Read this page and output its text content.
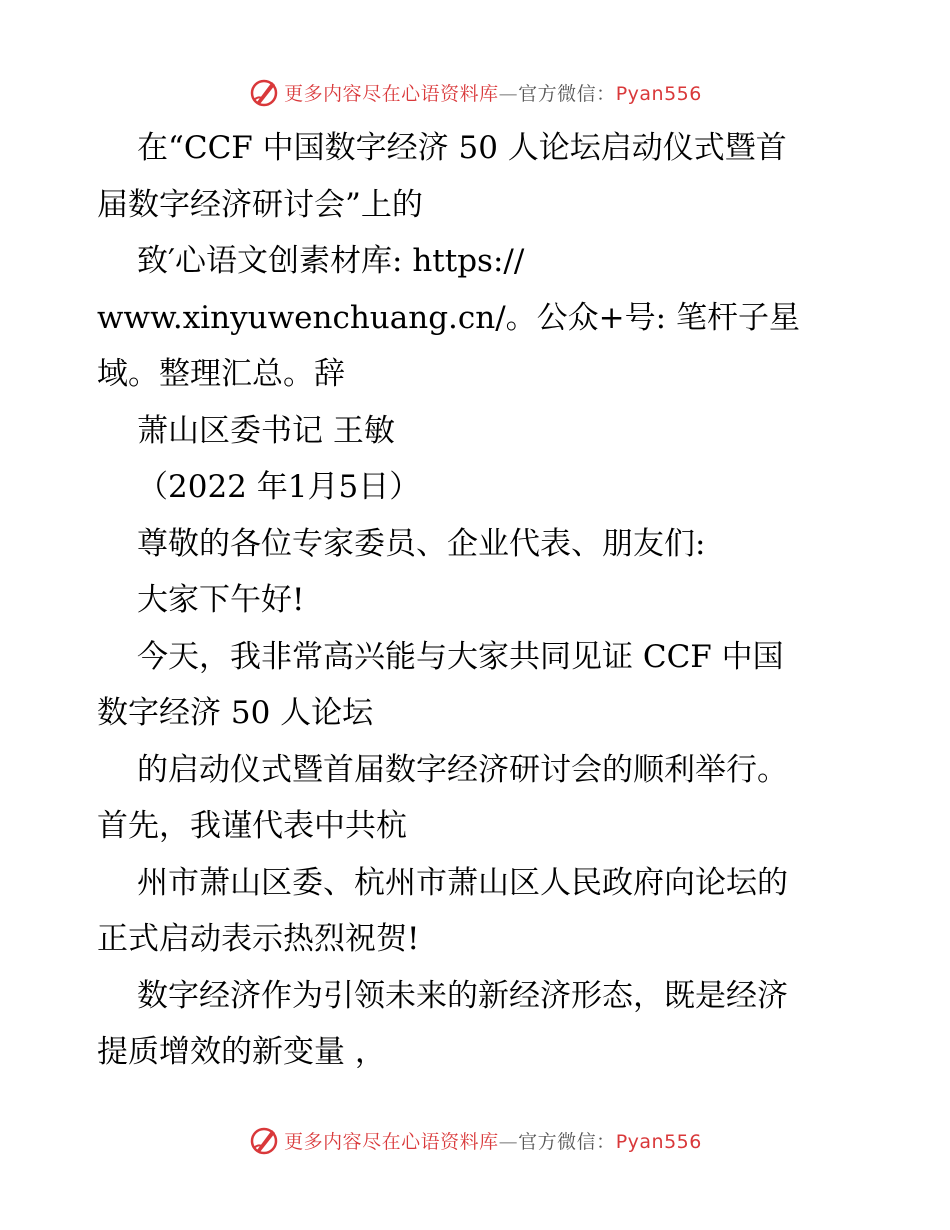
更多内容尽在心语资料库—官方微信：Pyan556
在“CCF 中国数字经济 50 人论坛启动仪式暨首
届数字经济研讨会”上的
致′心语文创素材库: https://
www.xinyuwenchuang.cn/。公众+号: 笔杆子星
域。整理汇总。辞
萧山区委书记 王敏
（2022 年1月5日）
尊敬的各位专家委员、企业代表、朋友们:
大家下午好!
今天，我非常高兴能与大家共同见证 CCF 中国
数字经济 50 人论坛
的启动仪式暨首届数字经济研讨会的顺利举行。
首先，我谨代表中共杭
州市萧山区委、杭州市萧山区人民政府向论坛的
正式启动表示热烈祝贺!
数字经济作为引领未来的新经济形态，既是经济
提质增效的新变量 ，
更多内容尽在心语资料库—官方微信：Pyan556
